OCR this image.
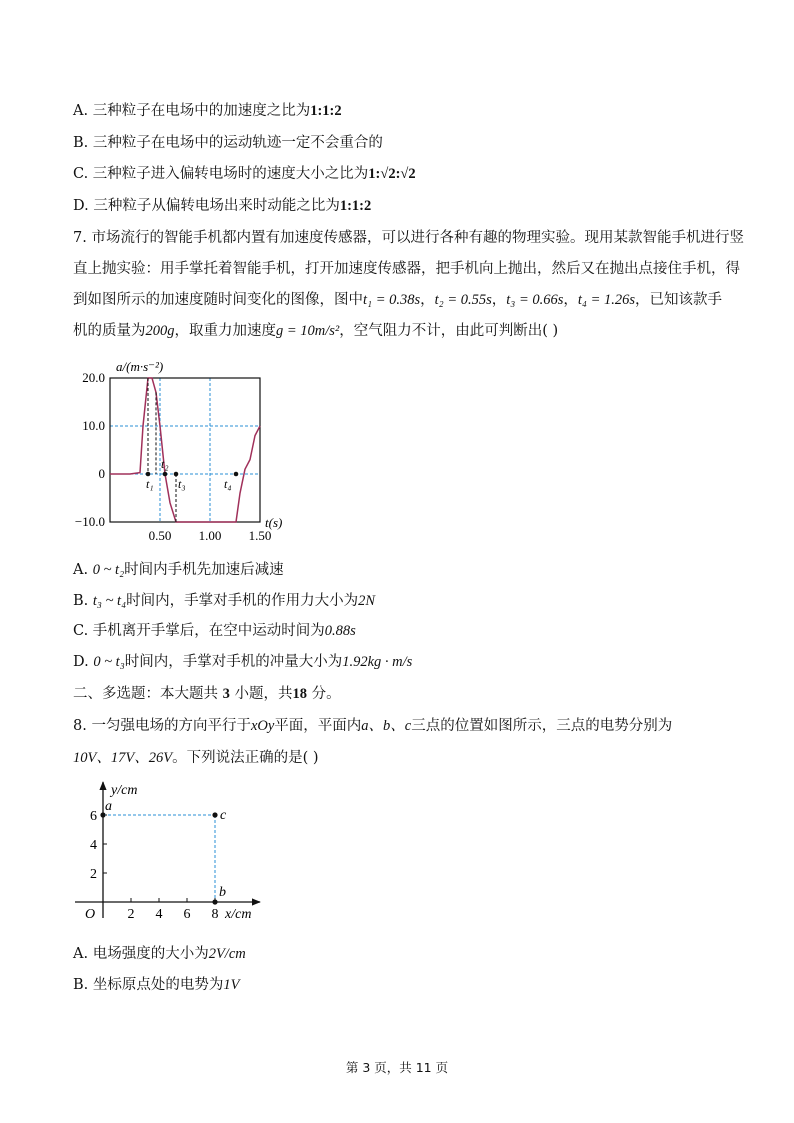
A. 三种粒子在电场中的加速度之比为1:1:2
B. 三种粒子在电场中的运动轨迹一定不会重合的
C. 三种粒子进入偏转电场时的速度大小之比为1:√2:√2
D. 三种粒子从偏转电场出来时动能之比为1:1:2
7. 市场流行的智能手机都内置有加速度传感器，可以进行各种有趣的物理实验。现用某款智能手机进行竖
直上抛实验：用手掌托着智能手机，打开加速度传感器，把手机向上抛出，然后又在抛出点接住手机，得
到如图所示的加速度随时间变化的图像，图中t₁ = 0.38s，t₂ = 0.55s，t₃ = 0.66s，t₄ = 1.26s，已知该款手
机的质量为200g，取重力加速度g = 10m/s²，空气阻力不计，由此可判断出( )
a/(m·s⁻²)
20.0
10.0
0
−10.0
0.50 1.00 1.50
t₁
t₂
t₃	t₄
t(s)
A. 0 ~ t₂时间内手机先加速后减速
B. t₃ ~ t₄时间内，手掌对手机的作用力大小为2N
C. 手机离开手掌后，在空中运动时间为0.88s
D. 0 ~ t₃时间内，手掌对手机的冲量大小为1.92kg · m/s
二、多选题：本大题共 3 小题，共18 分。
8. 一匀强电场的方向平行于xOy平面，平面内a、b、c三点的位置如图所示，三点的电势分别为
10V、17V、26V。下列说法正确的是( )
y/cm
x/cm
O 2 4 6 8
2
4
6
a
b
c
A. 电场强度的大小为2V/cm
B. 坐标原点处的电势为1V
第 3 页，共 11 页
